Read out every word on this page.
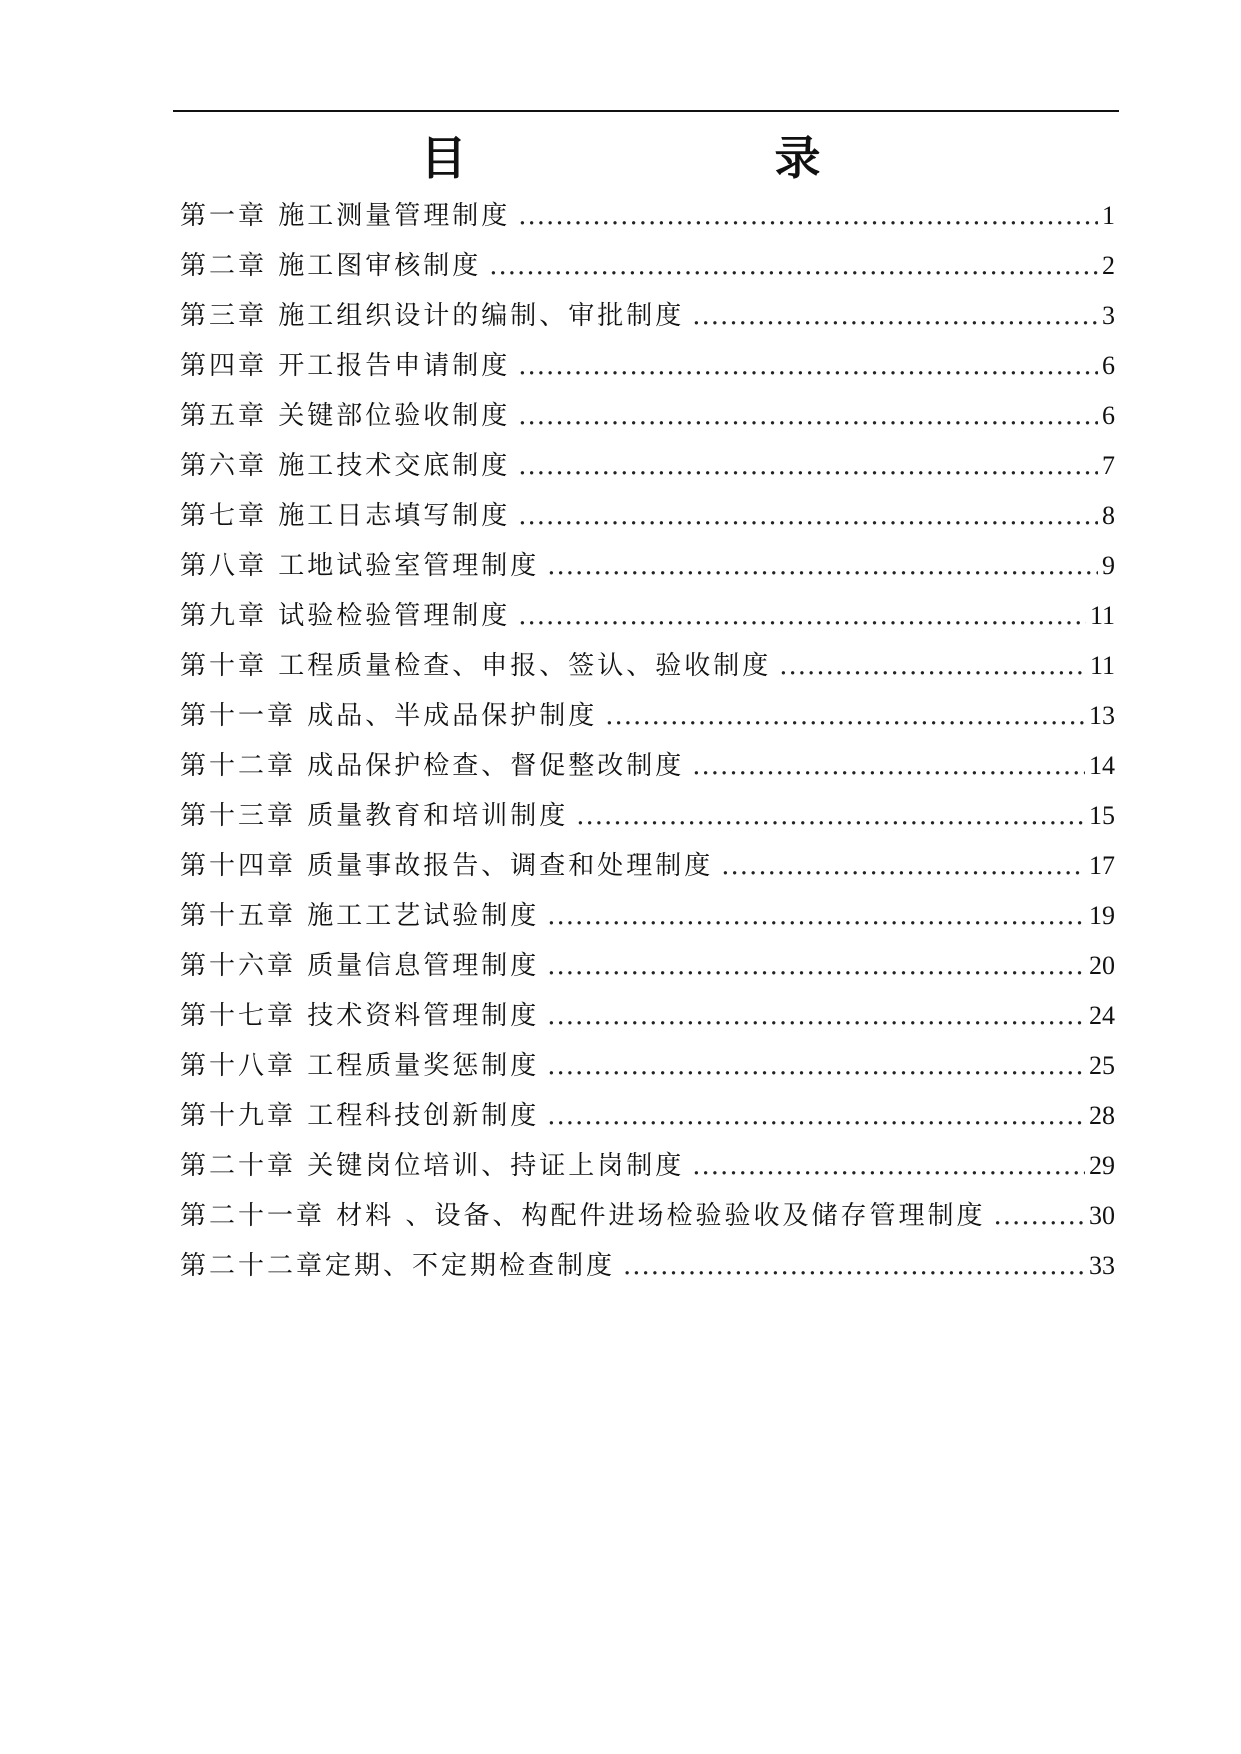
目　　录
第一章 施工测量管理制度 .....	1
第二章 施工图审核制度 .....	2
第三章 施工组织设计的编制、审批制度 .....	3
第四章 开工报告申请制度 .....	6
第五章 关键部位验收制度 .....	6
第六章 施工技术交底制度 .....	7
第七章 施工日志填写制度 .....	8
第八章 工地试验室管理制度 .....	9
第九章 试验检验管理制度 .....	11
第十章 工程质量检查、申报、签认、验收制度 .....	11
第十一章 成品、半成品保护制度 .....	13
第十二章 成品保护检查、督促整改制度 .....	14
第十三章 质量教育和培训制度 .....	15
第十四章 质量事故报告、调查和处理制度 .....	17
第十五章 施工工艺试验制度 .....	19
第十六章 质量信息管理制度 .....	20
第十七章 技术资料管理制度 .....	24
第十八章 工程质量奖惩制度 .....	25
第十九章 工程科技创新制度 .....	28
第二十章 关键岗位培训、持证上岗制度 .....	29
第二十一章 材料 、设备、构配件进场检验验收及储存管理制度 .....	30
第二十二章定期、不定期检查制度 .....	33
